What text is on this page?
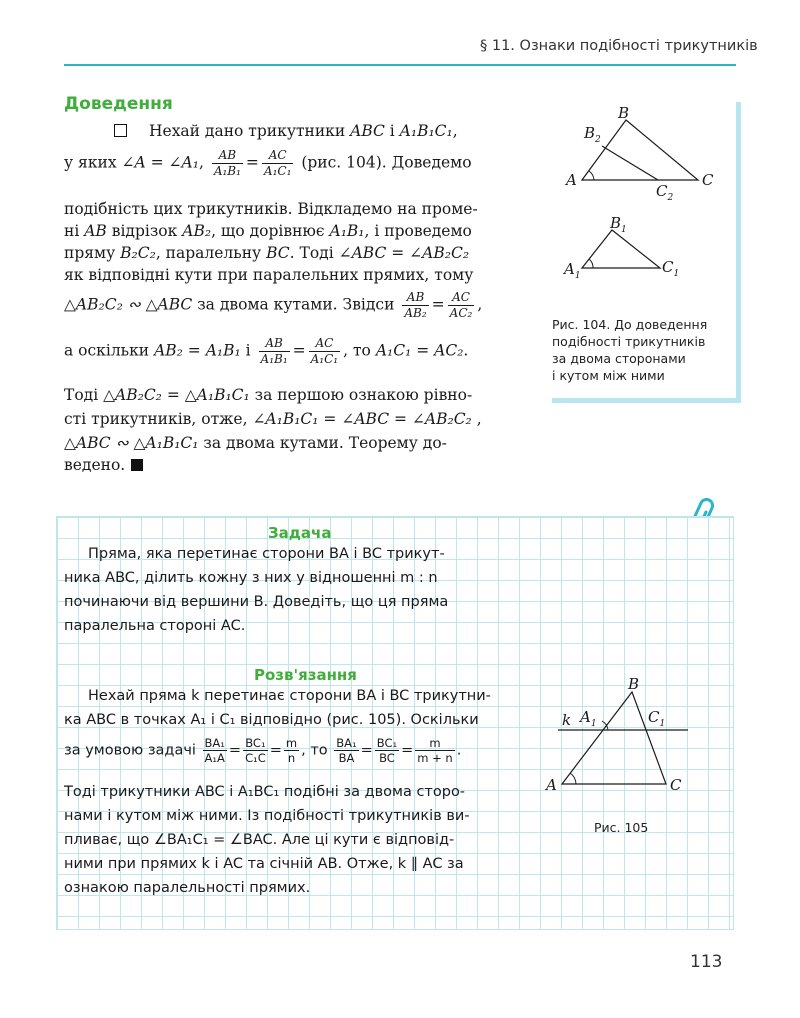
§ 11. Ознаки подібності трикутників
Доведення
Нехай дано трикутники ABC і A₁B₁C₁,
у яких ∠A = ∠A₁, $\frac{AB}{\text{A₁B₁}} = \frac{AC}{\text{A₁C₁}} (рис$. 104). Доведемо
подібність цих трикутників. Відкладемо на проме-
ні AB відрізок AB₂, що дорівнює A₁B₁, і проведемо
пряму B₂C₂, паралельну BC. Тоді ∠ABC = ∠AB₂C₂
як відповідні кути при паралельних прямих, тому
△AB₂C₂ ∾ △ABC за двома кутами. Звідси $\frac{AB}{\text{AB₂}} = \frac{AC}{\text{AC₂}}$ ,
а оскільки AB₂ = A₁B₁ і $\frac{AB}{\text{A₁B₁}} = \frac{AC}{\text{A₁C₁}}$ , то A₁C₁ = AC₂.
Тоді △AB₂C₂ = △A₁B₁C₁ за першою ознакою рівно-
сті трикутників, отже, ∠A₁B₁C₁ = ∠ABC = ∠AB₂C₂ ,
△ABC ∾ △A₁B₁C₁ за двома кутами. Теорему до-
ведено.
B
$B_2$
A	C
$C_2$
$B_1$
$A_1$	$C_1$
Рис. 104. До доведення
подібності трикутників
за двома сторонами
і кутом між ними
Задача
Прямa, яка перетинає сторони BA і BC трикут-
ника ABC, ділить кожну з них у відношенні m : n
починаючи від вершини B. Доведіть, що ця пряма
паралельна стороні AC.
Розв'язання
Нехай пряма k перетинає сторони BA і BC трикутни-
ка ABC в точках A₁ і C₁ відповідно (рис. 105). Оскільки
за умовою задачі $\frac{\text{BA₁}}{\text{A₁A}} = \frac{\text{BC₁}}{\text{C₁C}} = \frac{m}{n}$ , то $\frac{\text{BA₁}}{BA} = \frac{\text{BC₁}}{BC} = \frac{m}{m + n}$ .
Тоді трикутники ABC і A₁BC₁ подібні за двома сторо-
нами і кутом між ними. Із подібності трикутників ви-
пливає, що ∠BA₁C₁ = ∠BAC. Але ці кути є відповід-
ними при прямих k і AC та січній AB. Отже, k ∥ AC за
ознакою паралельності прямих.
B
k $A_1$	$C_1$
A	C
Рис. 105
113
